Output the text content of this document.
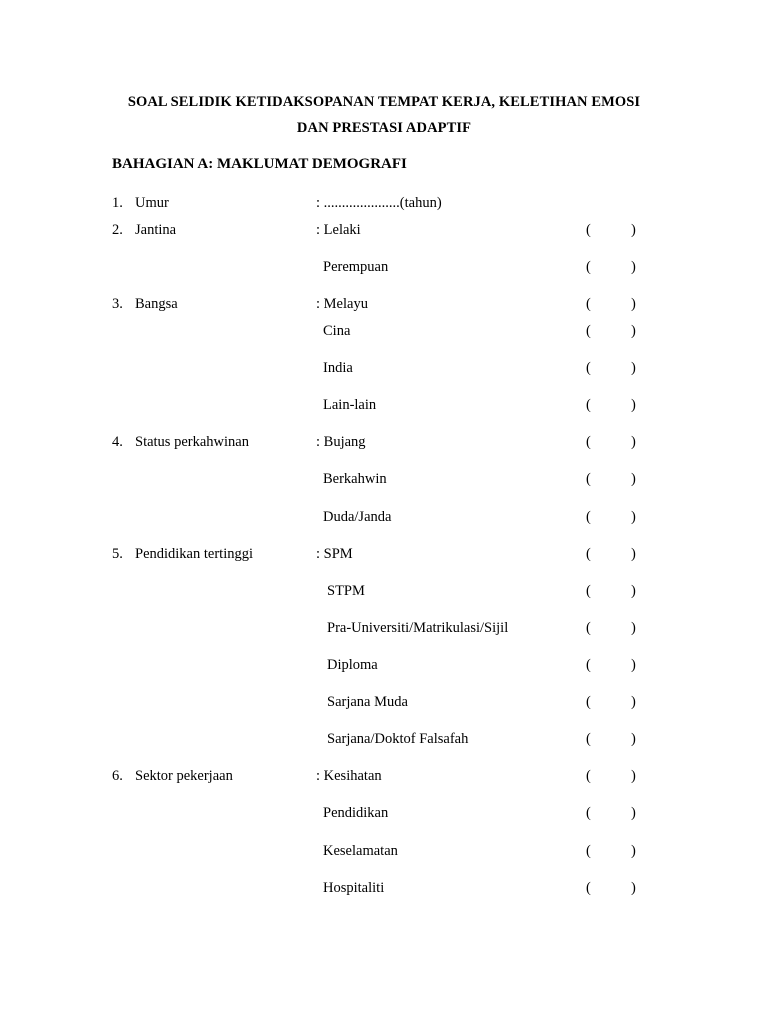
SOAL SELIDIK KETIDAKSOPANAN TEMPAT KERJA, KELETIHAN EMOSI
DAN PRESTASI ADAPTIF
BAHAGIAN A: MAKLUMAT DEMOGRAFI
1. Umur	: .....................(tahun)
2. Jantina	: Lelaki	(	)
Perempuan	(	)
3. Bangsa	: Melayu	(	)
Cina	(	)
India	(	)
Lain-lain	(	)
4. Status perkahwinan	: Bujang	(	)
Berkahwin	(	)
Duda/Janda	(	)
5. Pendidikan tertinggi	: SPM	(	)
STPM	(	)
Pra-Universiti/Matrikulasi/Sijil	(	)
Diploma	(	)
Sarjana Muda	(	)
Sarjana/Doktof Falsafah	(	)
6. Sektor pekerjaan	: Kesihatan	(	)
Pendidikan	(	)
Keselamatan	(	)
Hospitaliti	(	)
